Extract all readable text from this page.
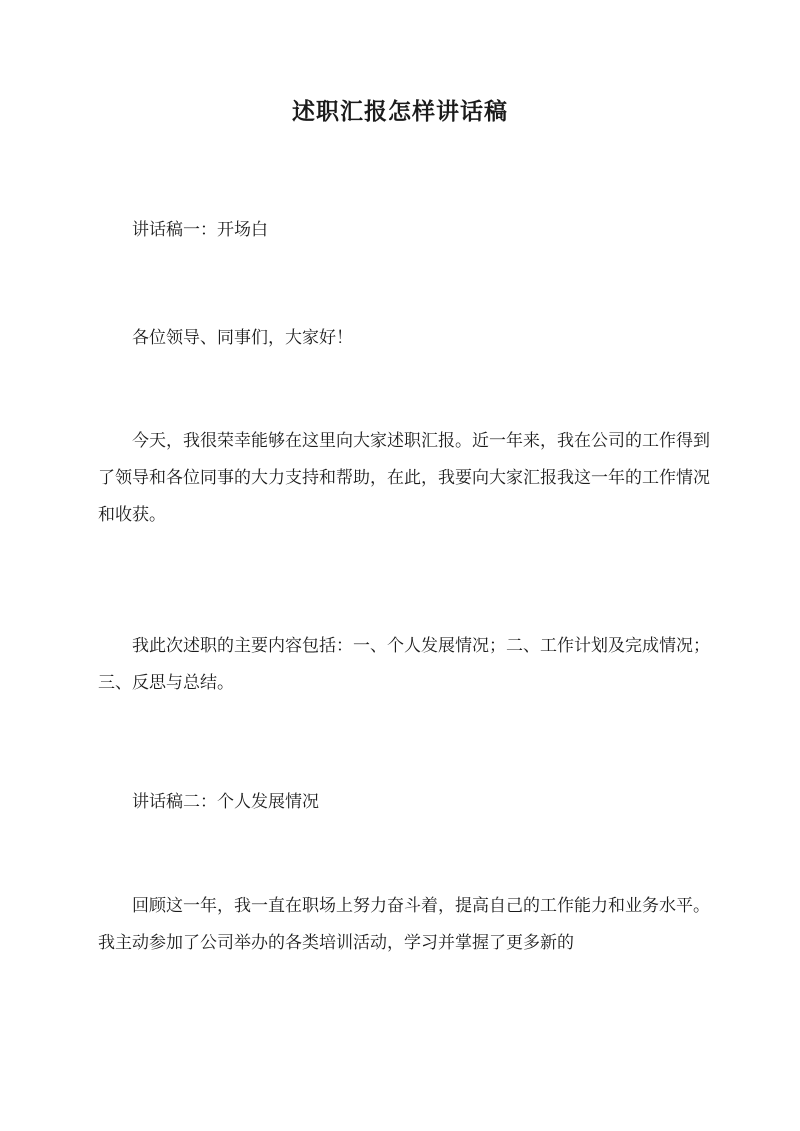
述职汇报怎样讲话稿

讲话稿一：开场白

各位领导、同事们，大家好！

今天，我很荣幸能够在这里向大家述职汇报。近一年来，我在公司的工作得到了领导和各位同事的大力支持和帮助，在此，我要向大家汇报我这一年的工作情况和收获。

我此次述职的主要内容包括：一、个人发展情况；二、工作计划及完成情况；三、反思与总结。

讲话稿二：个人发展情况

回顾这一年，我一直在职场上努力奋斗着，提高自己的工作能力和业务水平。我主动参加了公司举办的各类培训活动，学习并掌握了更多新的
